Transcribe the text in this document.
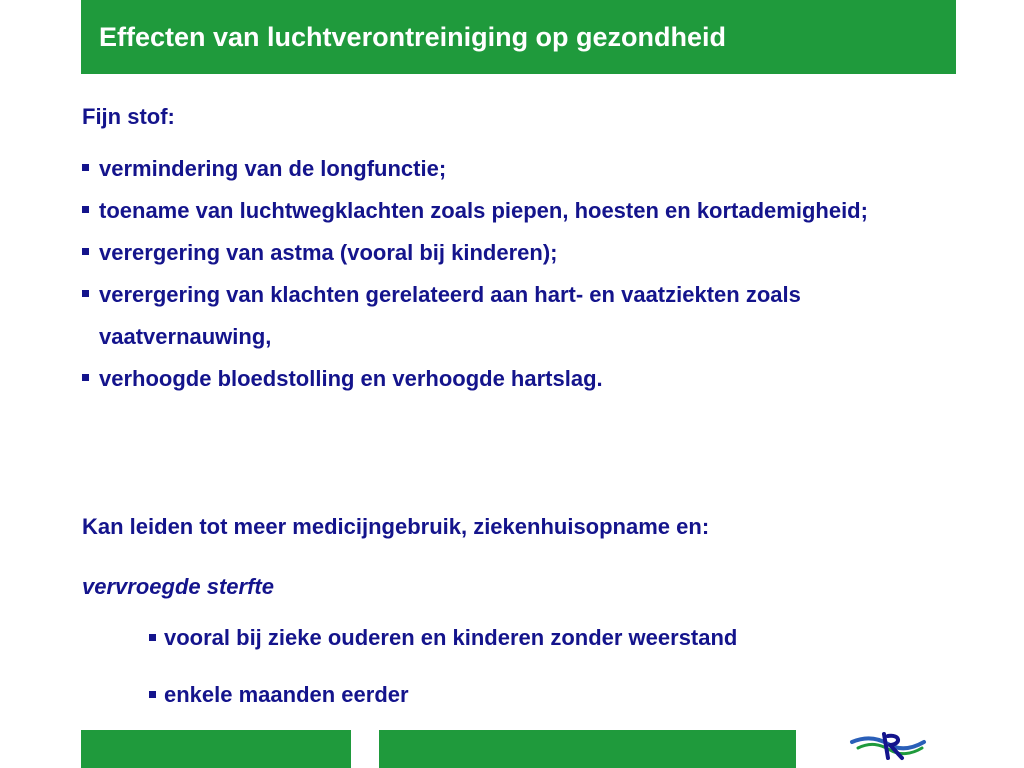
Effecten van luchtverontreiniging op gezondheid
Fijn stof:
vermindering van de longfunctie;
toename van luchtwegklachten zoals piepen, hoesten en kortademigheid;
verergering van astma (vooral bij kinderen);
verergering van klachten gerelateerd aan hart- en vaatziekten zoals vaatvernauwing,
verhoogde bloedstolling en verhoogde hartslag.
Kan leiden tot meer medicijngebruik, ziekenhuisopname en:
vervroegde sterfte
vooral bij zieke ouderen en kinderen zonder weerstand
enkele maanden eerder
